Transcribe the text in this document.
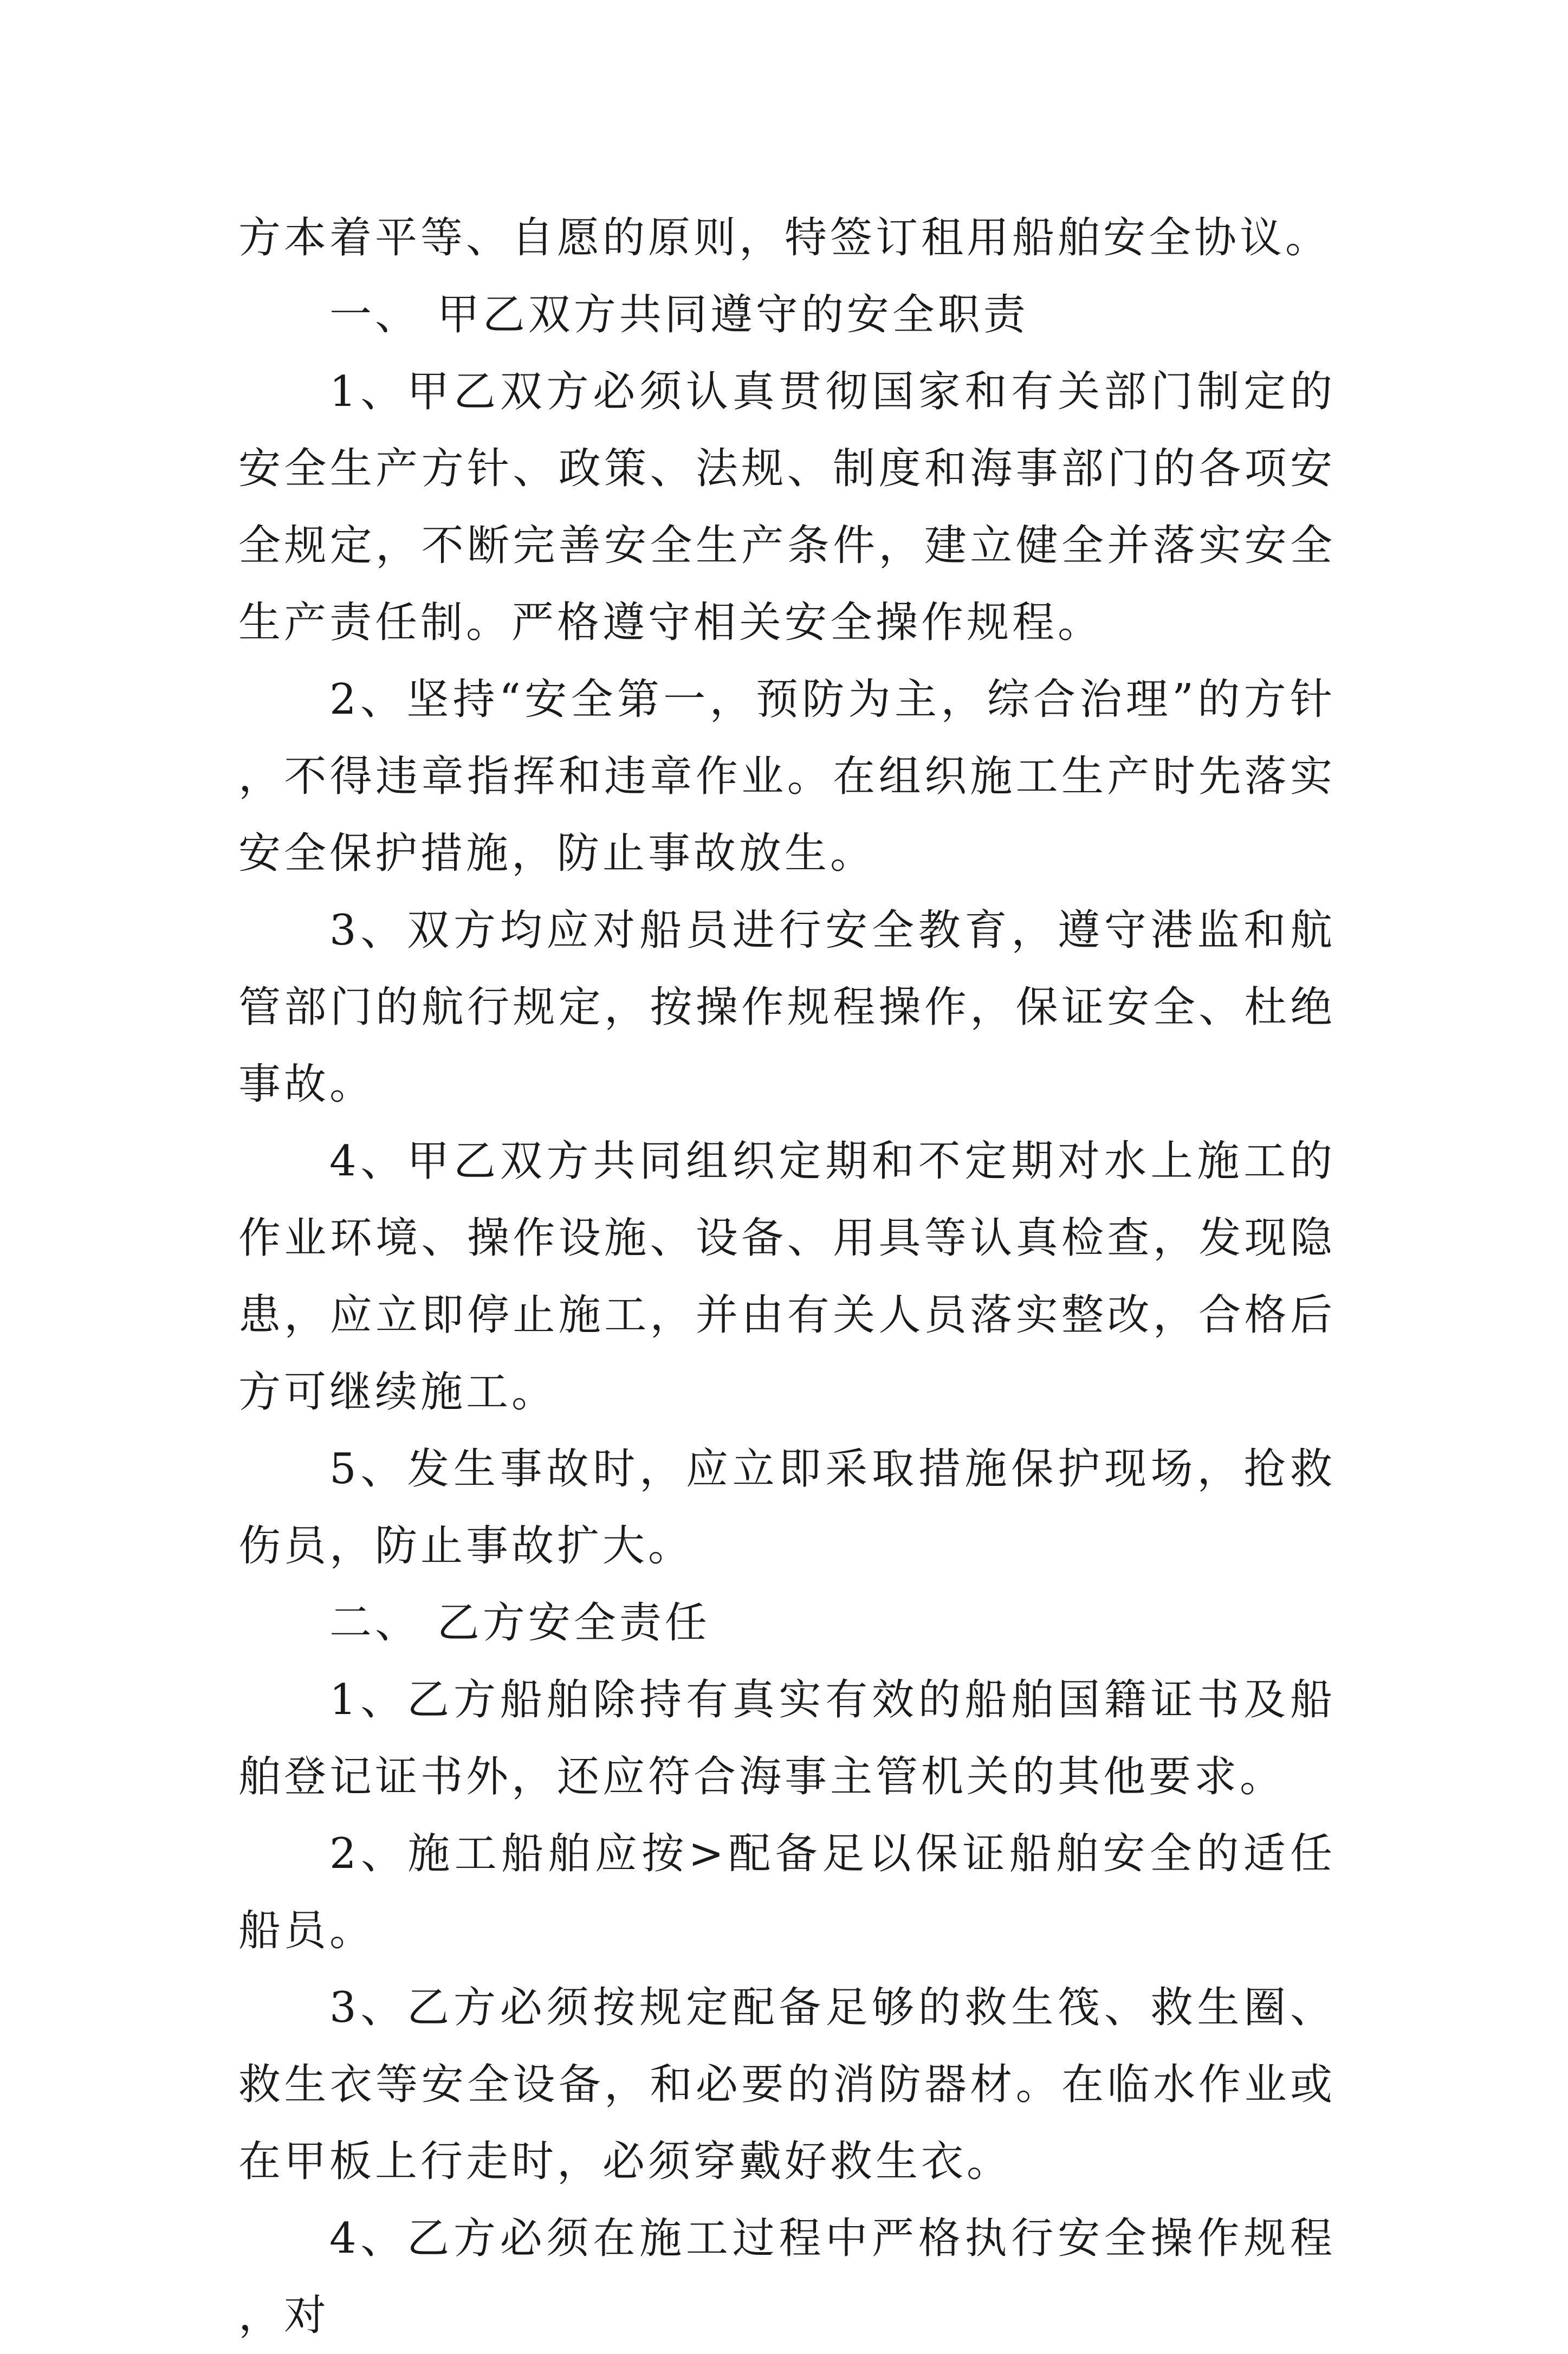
方本着平等、自愿的原则，特签订租用船舶安全协议。

一、 甲乙双方共同遵守的安全职责

1、甲乙双方必须认真贯彻国家和有关部门制定的安全生产方针、政策、法规、制度和海事部门的各项安全规定，不断完善安全生产条件，建立健全并落实安全生产责任制。严格遵守相关安全操作规程。

2、坚持“安全第一，预防为主，综合治理”的方针，不得违章指挥和违章作业。在组织施工生产时先落实安全保护措施，防止事故放生。

3、双方均应对船员进行安全教育，遵守港监和航管部门的航行规定，按操作规程操作，保证安全、杜绝事故。

4、甲乙双方共同组织定期和不定期对水上施工的作业环境、操作设施、设备、用具等认真检查，发现隐患，应立即停止施工，并由有关人员落实整改，合格后方可继续施工。

5、发生事故时，应立即采取措施保护现场，抢救伤员，防止事故扩大。

二、 乙方安全责任

1、乙方船舶除持有真实有效的船舶国籍证书及船舶登记证书外，还应符合海事主管机关的其他要求。

2、施工船舶应按>配备足以保证船舶安全的适任船员。

3、乙方必须按规定配备足够的救生筏、救生圈、救生衣等安全设备，和必要的消防器材。在临水作业或在甲板上行走时，必须穿戴好救生衣。

4、乙方必须在施工过程中严格执行安全操作规程，对
